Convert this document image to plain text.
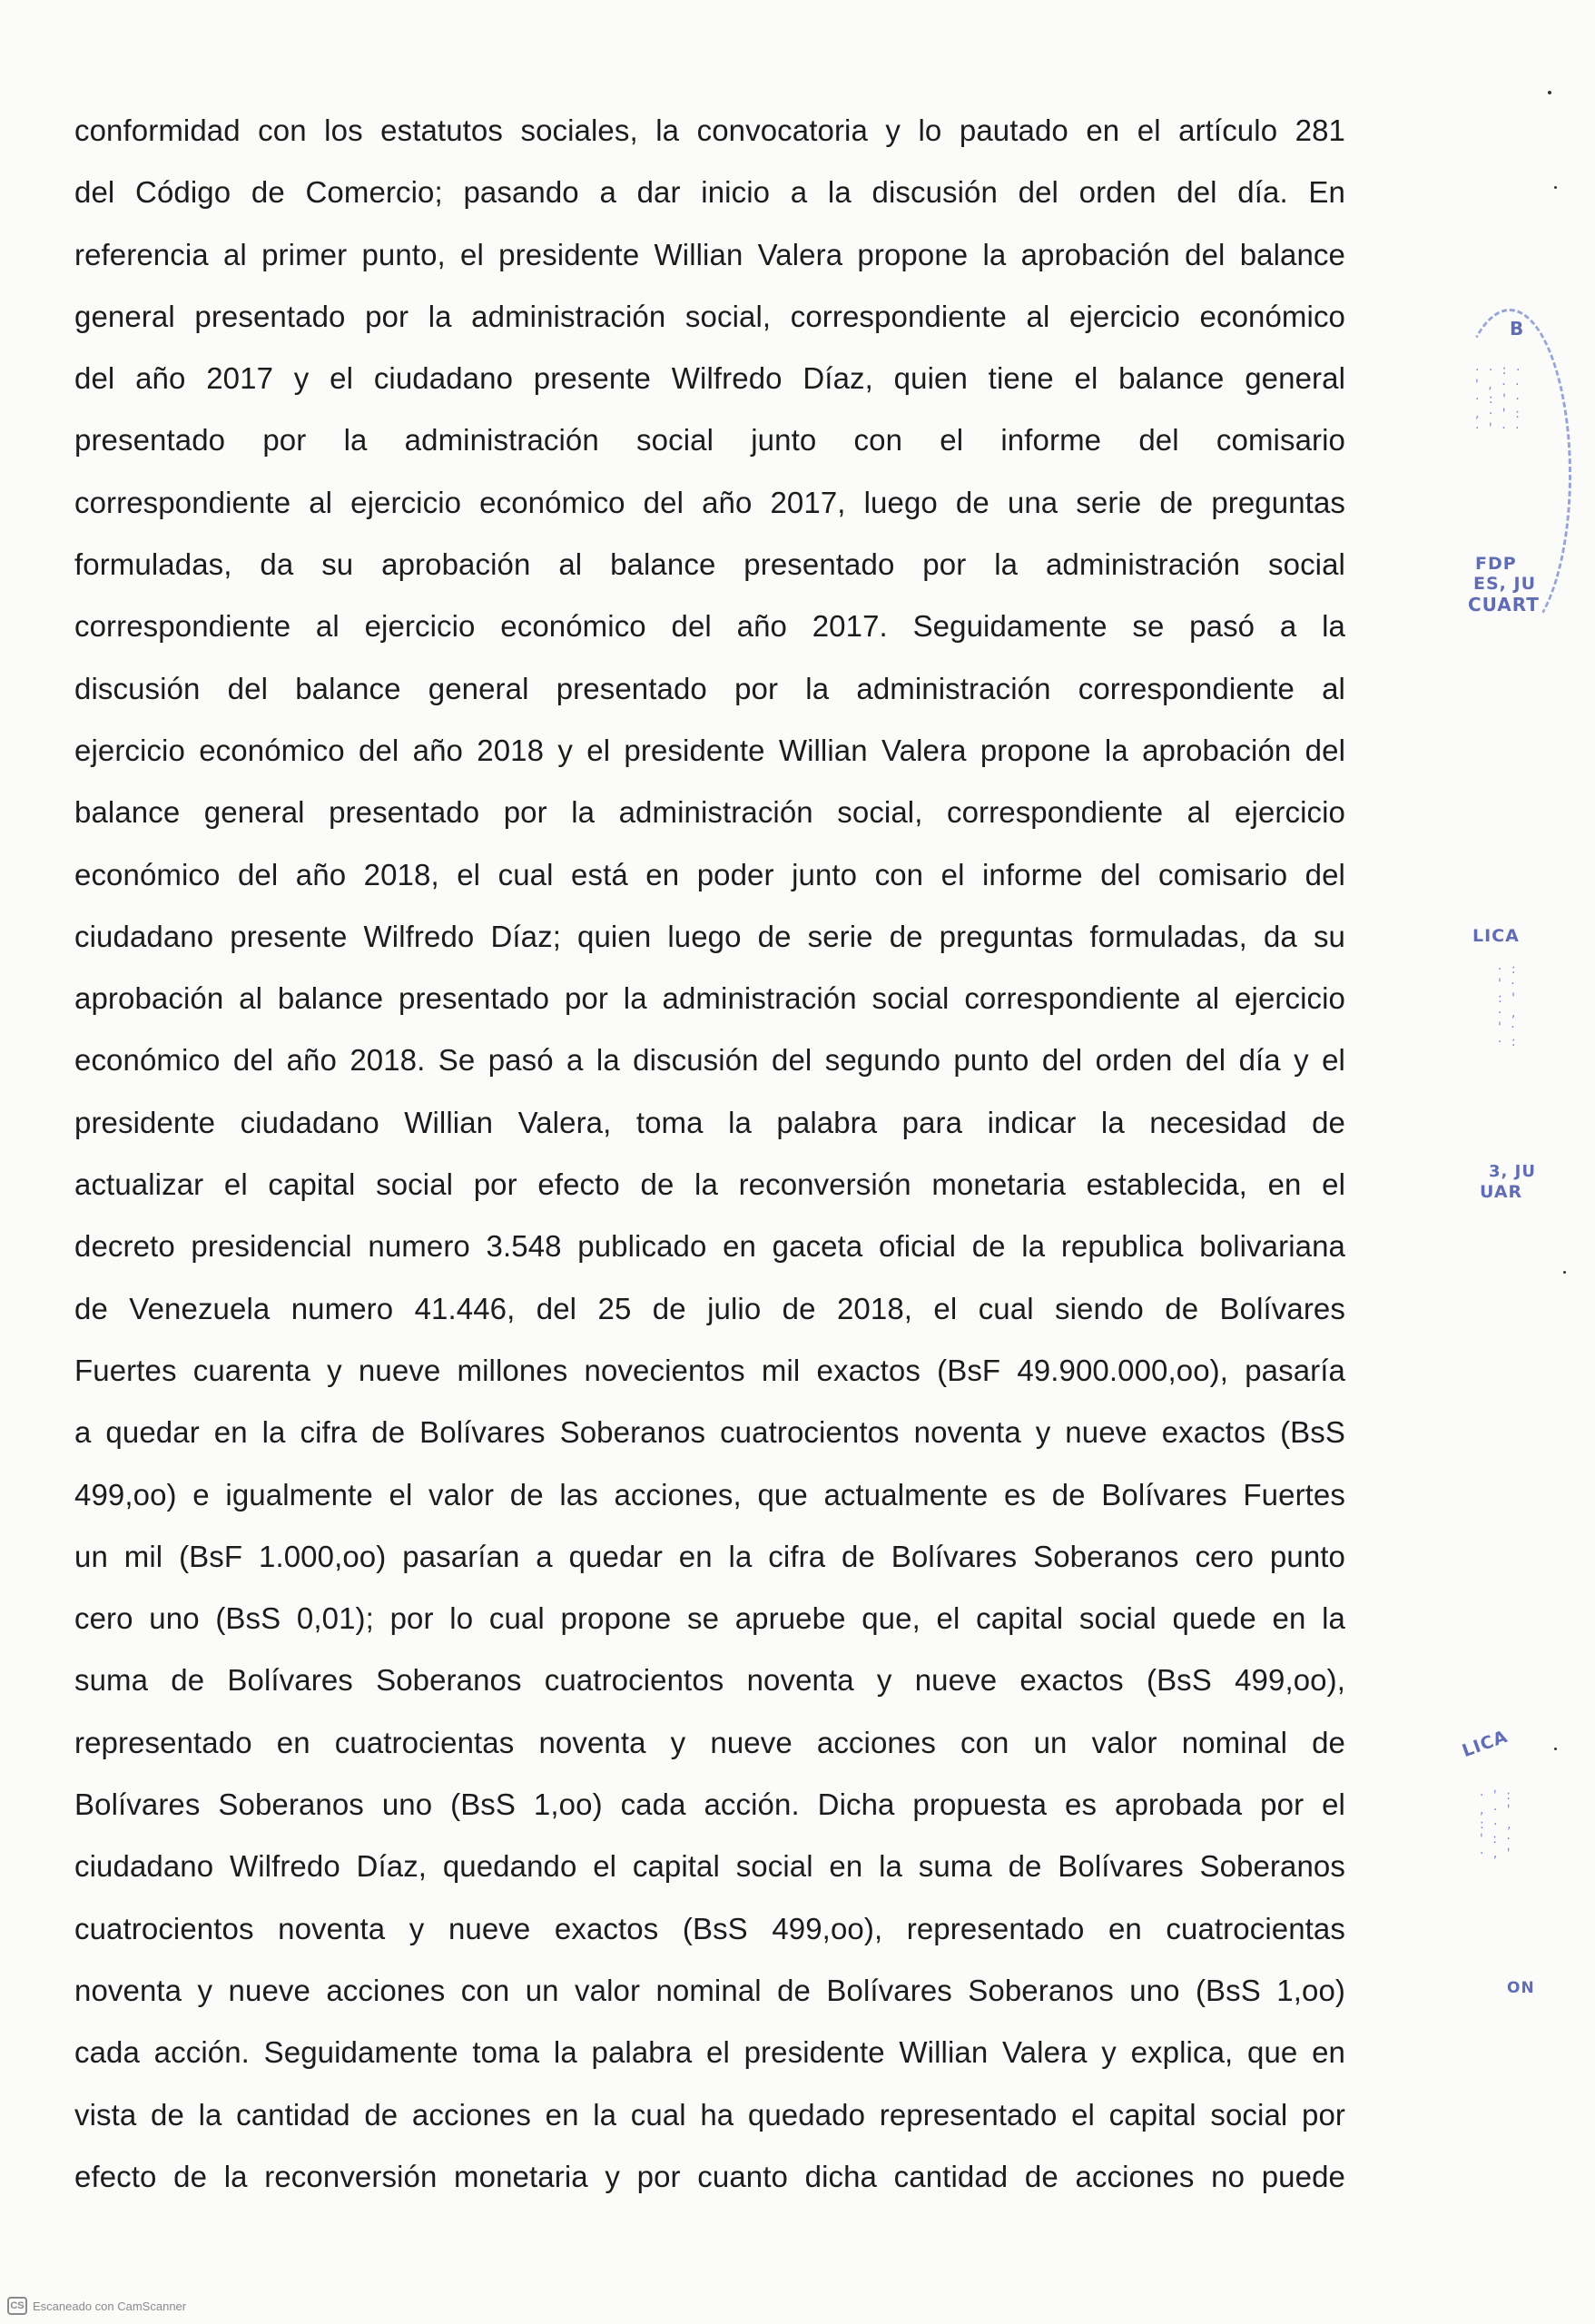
conformidad con los estatutos sociales, la convocatoria y lo pautado en el artículo 281
del Código de Comercio; pasando a dar inicio a la discusión del orden del día. En
referencia al primer punto, el presidente Willian Valera propone la aprobación del balance
general presentado por la administración social, correspondiente al ejercicio económico
del año 2017 y el ciudadano presente Wilfredo Díaz, quien tiene el balance general
presentado por la administración social junto con el informe del comisario
correspondiente al ejercicio económico del año 2017, luego de una serie de preguntas
formuladas, da su aprobación al balance presentado por la administración social
correspondiente al ejercicio económico del año 2017. Seguidamente se pasó a la
discusión del balance general presentado por la administración correspondiente al
ejercicio económico del año 2018 y el presidente Willian Valera propone la aprobación del
balance general presentado por la administración social, correspondiente al ejercicio
económico del año 2018, el cual está en poder junto con el informe del comisario del
ciudadano presente Wilfredo Díaz; quien luego de serie de preguntas formuladas, da su
aprobación al balance presentado por la administración social correspondiente al ejercicio
económico del año 2018. Se pasó a la discusión del segundo punto del orden del día y el
presidente ciudadano Willian Valera, toma la palabra para indicar la necesidad de
actualizar el capital social por efecto de la reconversión monetaria establecida, en el
decreto presidencial numero 3.548 publicado en gaceta oficial de la republica bolivariana
de Venezuela numero 41.446, del 25 de julio de 2018, el cual siendo de Bolívares
Fuertes cuarenta y nueve millones novecientos mil exactos (BsF 49.900.000,oo), pasaría
a quedar en la cifra de Bolívares Soberanos cuatrocientos noventa y nueve exactos (BsS
499,oo) e igualmente el valor de las acciones, que actualmente es de Bolívares Fuertes
un mil (BsF 1.000,oo) pasarían a quedar en la cifra de Bolívares Soberanos cero punto
cero uno (BsS 0,01); por lo cual propone se apruebe que, el capital social quede en la
suma de Bolívares Soberanos cuatrocientos noventa y nueve exactos (BsS 499,oo),
representado en cuatrocientas noventa y nueve acciones con un valor nominal de
Bolívares Soberanos uno (BsS 1,oo) cada acción. Dicha propuesta es aprobada por el
ciudadano Wilfredo Díaz, quedando el capital social en la suma de Bolívares Soberanos
cuatrocientos noventa y nueve exactos (BsS 499,oo), representado en cuatrocientas
noventa y nueve acciones con un valor nominal de Bolívares Soberanos uno (BsS 1,oo)
cada acción. Seguidamente toma la palabra el presidente Willian Valera y explica, que en
vista de la cantidad de acciones en la cual ha quedado representado el capital social por
efecto de la reconversión monetaria y por cuanto dicha cantidad de acciones no puede
B
· · : ·
' , · ·
· : ' ·
, · ' :
· ' · ·
FDP
ES, JU
CUART
LICA
· :
' ·
: '
· ,
' ·
· :
3, JU
UAR
LICA
· ' :
, · '
: · ,
' : ·
· , '
ON
CS Escaneado con CamScanner
